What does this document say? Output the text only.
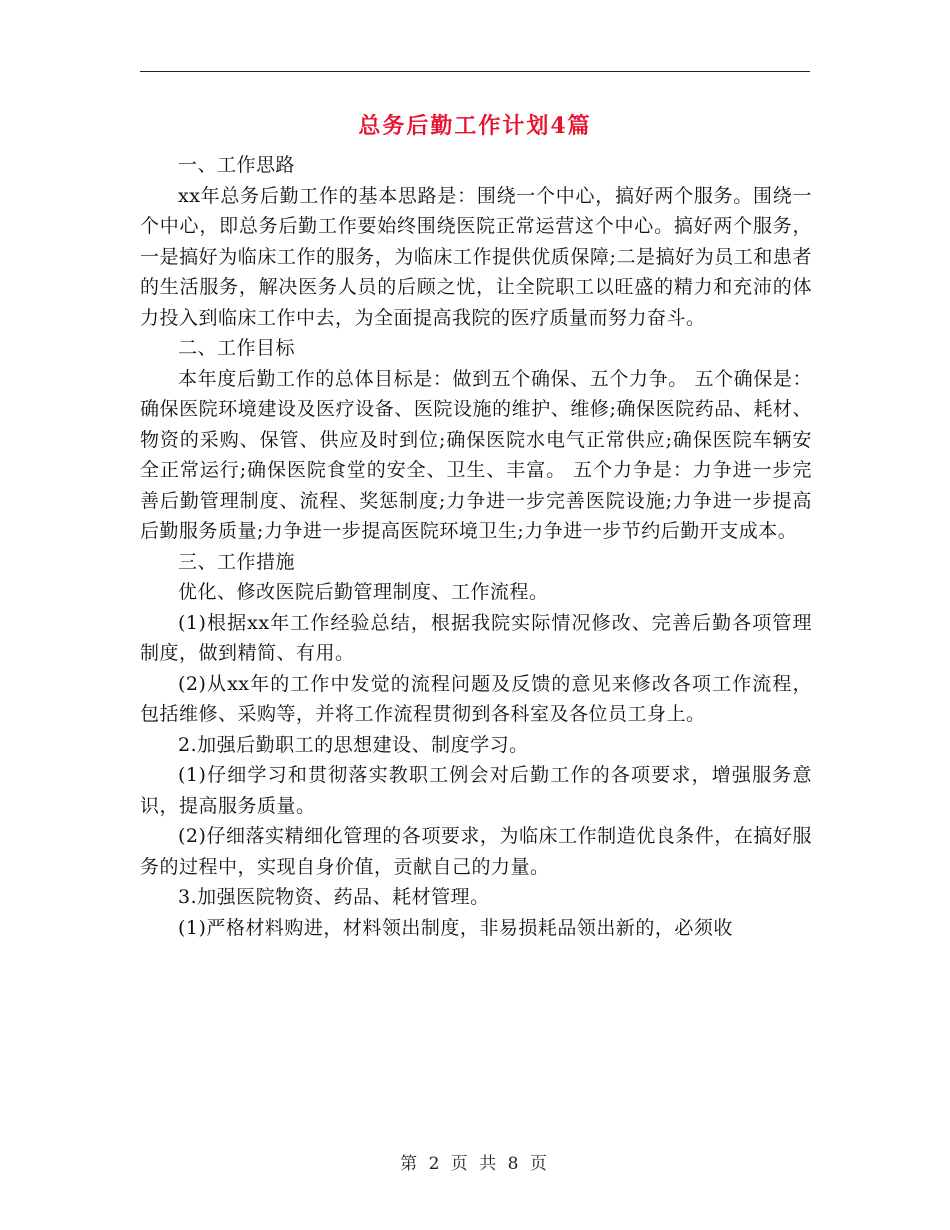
总务后勤工作计划4篇

一、工作思路

xx年总务后勤工作的基本思路是：围绕一个中心，搞好两个服务。围绕一个中心，即总务后勤工作要始终围绕医院正常运营这个中心。搞好两个服务，一是搞好为临床工作的服务，为临床工作提供优质保障;二是搞好为员工和患者的生活服务，解决医务人员的后顾之忧，让全院职工以旺盛的精力和充沛的体力投入到临床工作中去，为全面提高我院的医疗质量而努力奋斗。

二、工作目标

本年度后勤工作的总体目标是：做到五个确保、五个力争。 五个确保是：确保医院环境建设及医疗设备、医院设施的维护、维修;确保医院药品、耗材、物资的采购、保管、供应及时到位;确保医院水电气正常供应;确保医院车辆安全正常运行;确保医院食堂的安全、卫生、丰富。 五个力争是：力争进一步完善后勤管理制度、流程、奖惩制度;力争进一步完善医院设施;力争进一步提高后勤服务质量;力争进一步提高医院环境卫生;力争进一步节约后勤开支成本。

三、工作措施

优化、修改医院后勤管理制度、工作流程。

(1)根据xx年工作经验总结，根据我院实际情况修改、完善后勤各项管理制度，做到精简、有用。

(2)从xx年的工作中发觉的流程问题及反馈的意见来修改各项工作流程，包括维修、采购等，并将工作流程贯彻到各科室及各位员工身上。

2.加强后勤职工的思想建设、制度学习。

(1)仔细学习和贯彻落实教职工例会对后勤工作的各项要求，增强服务意识，提高服务质量。

(2)仔细落实精细化管理的各项要求，为临床工作制造优良条件，在搞好服务的过程中，实现自身价值，贡献自己的力量。

3.加强医院物资、药品、耗材管理。

(1)严格材料购进，材料领出制度，非易损耗品领出新的，必须收

第 2 页 共 8 页
